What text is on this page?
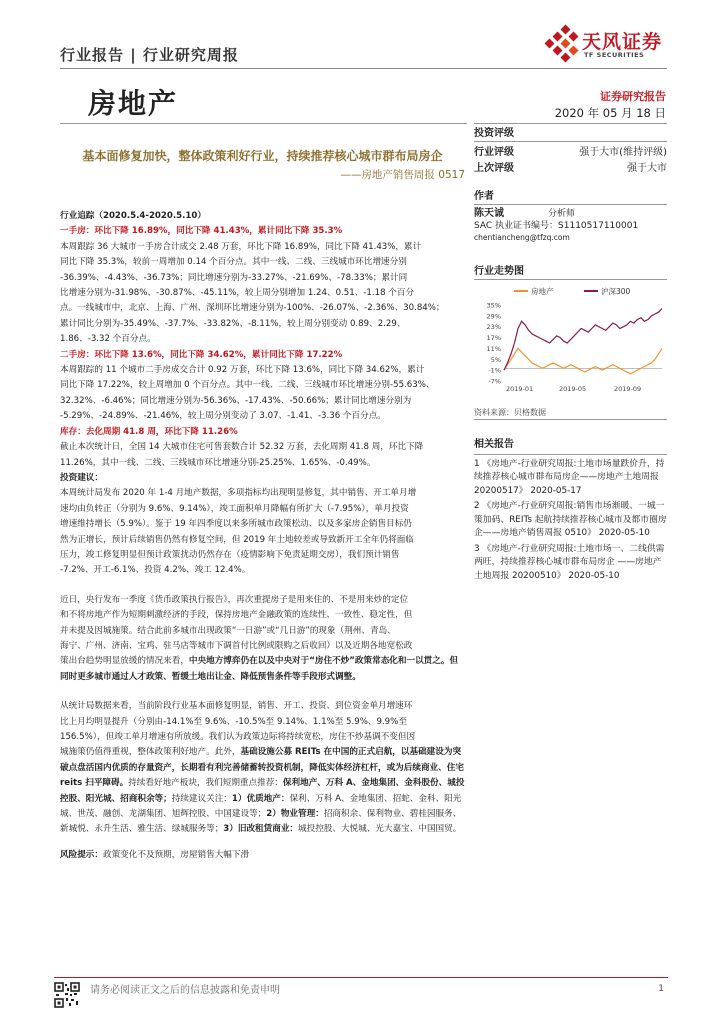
行业报告 | 行业研究周报
天风证券
TF SECURITIES
房地产	证券研究报告
2020 年 05 月 18 日
基本面修复加快，整体政策利好行业，持续推荐核心城市群布局房企
——房地产销售周报 0517

行业追踪（2020.5.4-2020.5.10）

一手房：环比下降 16.89%，同比下降 41.43%，累计同比下降 35.3%

本周跟踪 36 大城市一手房合计成交 2.48 万套，环比下降 16.89%，同比下降 41.43%，累计

同比下降 35.3%，较前一周增加 0.14 个百分点。其中一线、二线、三线城市环比增速分别

-36.39%、-4.43%、-36.73%；同比增速分别为-33.27%、-21.69%、-78.33%；累计同

比增速分别为-31.98%、-30.87%、-45.11%，较上周分别增加 1.24、0.51、-1.18 个百分

点。一线城市中，北京、上海、广州、深圳环比增速分别为-100%、-26.07%、-2.36%、30.84%；

累计同比分别为-35.49%、-37.7%、-33.82%、-8.11%，较上周分别变动 0.89、2.29、

1.86、-3.32 个百分点。

二手房：环比下降 13.6%，同比下降 34.62%，累计同比下降 17.22%

本周跟踪的 11 个城市二手房成交合计 0.92 万套，环比下降 13.6%，同比下降 34.62%，累计

同比下降 17.22%，较上周增加 0 个百分点。其中一线、二线、三线城市环比增速分别-55.63%、

32.32%、-6.46%；同比增速分别为-56.36%、-17.43%、-50.66%；累计同比增速分别为

-5.29%、-24.89%、-21.46%，较上周分别变动了 3.07、-1.41、-3.36 个百分点。

库存：去化周期 41.8 周，环比下降 11.26%

截止本次统计日，全国 14 大城市住宅可售套数合计 52.32 万套，去化周期 41.8 周，环比下降

11.26%，其中一线、二线、三线城市环比增速分别-25.25%、1.65%、-0.49%。

投资建议：

本周统计局发布 2020 年 1-4 月地产数据，多项指标均出现明显修复，其中销售、开工单月增

速均由负转正（分别为 9.6%、9.14%），竣工面积单月降幅有所扩大（-7.95%），单月投资

增速维持增长（5.9%）。鉴于 19 年四季度以来多所城市政策松动、以及多家房企销售目标仍

然为正增长，预计后续销售仍然有修复空间，但 2019 年土地较差或导致新开工全年仍将面临

压力，竣工修复明显但预计政策扰动仍然存在（疫情影响下免责延期交房），我们预计销售

-7.2%、开工-6.1%、投资 4.2%、竣工 12.4%。

近日，央行发布一季度《货币政策执行报告》，再次重提房子是用来住的、不是用来炒的定位

和不将房地产作为短期刺激经济的手段，保持房地产金融政策的连续性、一致性、稳定性，但

并未提及因城施策。结合此前多城市出现政策“一日游”或“几日游”的现象（荆州、青岛、

海宁、广州、济南、宝鸡、驻马店等城市下调首付比例或限购之后收回）以及近期各地宽松政

策出台趋势明显放缓的情况来看，中央地方博弈仍在以及中央对于“房住不炒”政策常态化和一以贯之。但同时更多城市通过人才政策、暂缓土地出让金、降低预售条件等手段形式调整。

从统计局数据来看，当前阶段行业基本面修复明显，销售、开工、投资、到位资金单月增速环

比上月均明显提升（分别由-14.1%至 9.6%、-10.5%至 9.14%、1.1%至 5.9%、9.9%至

156.5%），但竣工单月增速有所放缓。我们认为政策边际将持续宽松，房住不炒基调不变但因

城施策仍值得重视，整体政策利好地产。此外，基础设施公募 REITs 在中国的正式启航，以基础建设为突破点盘活国内优质的存量资产，长期看有利完善储蓄转投资机制，降低实体经济杠杆，或为后续商业、住宅 reits 扫平障碍。持续看好地产板块，我们短期重点推荐：保利地产、万科 A、金地集团、金科股份、城投控股、阳光城、招商积余等；持续建议关注：1）优质地产：保利、万科 A、金地集团、招蛇、金科、阳光城、世茂、融创、龙湖集团、旭辉控股、中国建设等；2）物业管理：招商积余、保利物业、碧桂园服务、新城悦、永升生活、雅生活、绿城服务等；3）旧改租赁商业：城投控股、大悦城、光大嘉宝、中国国贸。

风险提示：政策变化不及预期，房屋销售大幅下滑

投资评级
行业评级	强于大市(维持评级)
上次评级	强于大市
作者
陈天诚	分析师
SAC 执业证书编号：S1110517110001
chentiancheng@tfzq.com
行业走势图
房地产	沪深300
35%
29%
23%
17%
11%
5%
-1%
-7%
2019-01	2019-05	2019-09
资料来源：贝格数据
相关报告
1 《房地产-行业研究周报:土地市场量跌价升，持续推荐核心城市群布局房企——房地产土地周报 20200517》 2020-05-17
2 《房地产-行业研究周报:销售市场渐暖、一城一策加码、REITs 起航持续推荐核心城市及都市圈房企——房地产销售周报 0510》 2020-05-10
3 《房地产-行业研究周报:土地市场一、二线供需两旺，持续推荐核心城市群布局房企 ——房地产土地周报 20200510》 2020-05-10
请务必阅读正文之后的信息披露和免责申明	1
